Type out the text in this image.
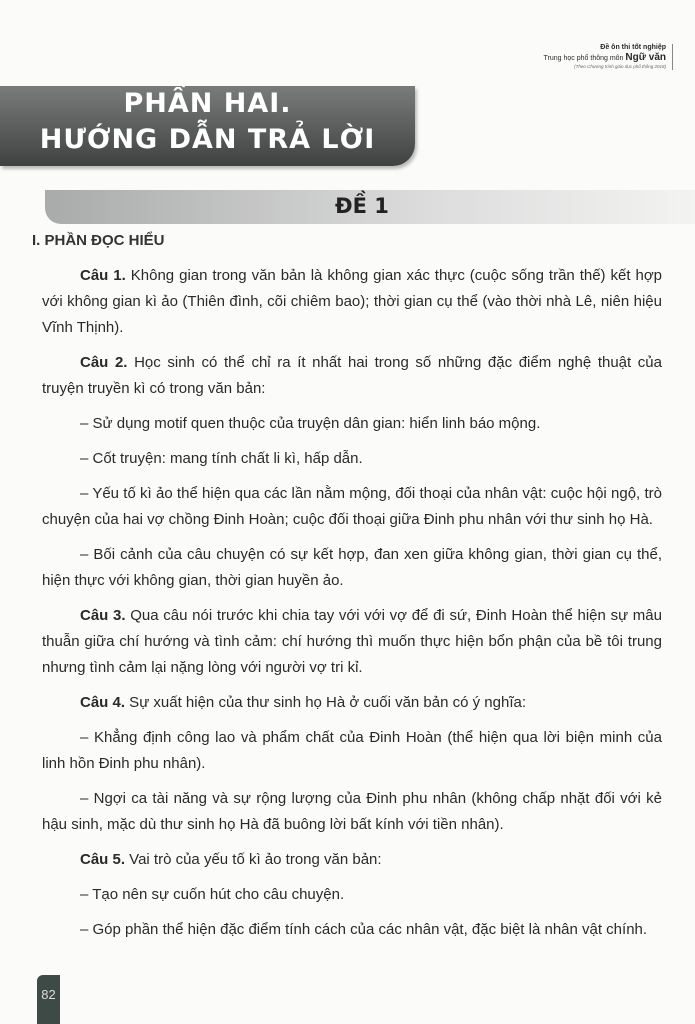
Đề ôn thi tốt nghiệp
Trung học phổ thông môn Ngữ văn
(Theo Chương trình giáo dục phổ thông 2018)
PHẦN HAI.
HƯỚNG DẪN TRẢ LỜI
ĐỀ 1
I. PHẦN ĐỌC HIỂU

Câu 1. Không gian trong văn bản là không gian xác thực (cuộc sống trần thế) kết hợp với không gian kì ảo (Thiên đình, cõi chiêm bao); thời gian cụ thể (vào thời nhà Lê, niên hiệu Vĩnh Thịnh).

Câu 2. Học sinh có thể chỉ ra ít nhất hai trong số những đặc điểm nghệ thuật của truyện truyền kì có trong văn bản:

– Sử dụng motif quen thuộc của truyện dân gian: hiển linh báo mộng.

– Cốt truyện: mang tính chất li kì, hấp dẫn.

– Yếu tố kì ảo thể hiện qua các lần nằm mộng, đối thoại của nhân vật: cuộc hội ngộ, trò chuyện của hai vợ chồng Đinh Hoàn; cuộc đối thoại giữa Đinh phu nhân với thư sinh họ Hà.

– Bối cảnh của câu chuyện có sự kết hợp, đan xen giữa không gian, thời gian cụ thể, hiện thực với không gian, thời gian huyền ảo.

Câu 3. Qua câu nói trước khi chia tay với với vợ để đi sứ, Đinh Hoàn thể hiện sự mâu thuẫn giữa chí hướng và tình cảm: chí hướng thì muốn thực hiện bổn phận của bề tôi trung nhưng tình cảm lại nặng lòng với người vợ tri kỉ.

Câu 4. Sự xuất hiện của thư sinh họ Hà ở cuối văn bản có ý nghĩa:

– Khẳng định công lao và phẩm chất của Đinh Hoàn (thể hiện qua lời biện minh của linh hồn Đinh phu nhân).

– Ngợi ca tài năng và sự rộng lượng của Đinh phu nhân (không chấp nhặt đối với kẻ hậu sinh, mặc dù thư sinh họ Hà đã buông lời bất kính với tiền nhân).

Câu 5. Vai trò của yếu tố kì ảo trong văn bản:

– Tạo nên sự cuốn hút cho câu chuyện.

– Góp phần thể hiện đặc điểm tính cách của các nhân vật, đặc biệt là nhân vật chính.

82
